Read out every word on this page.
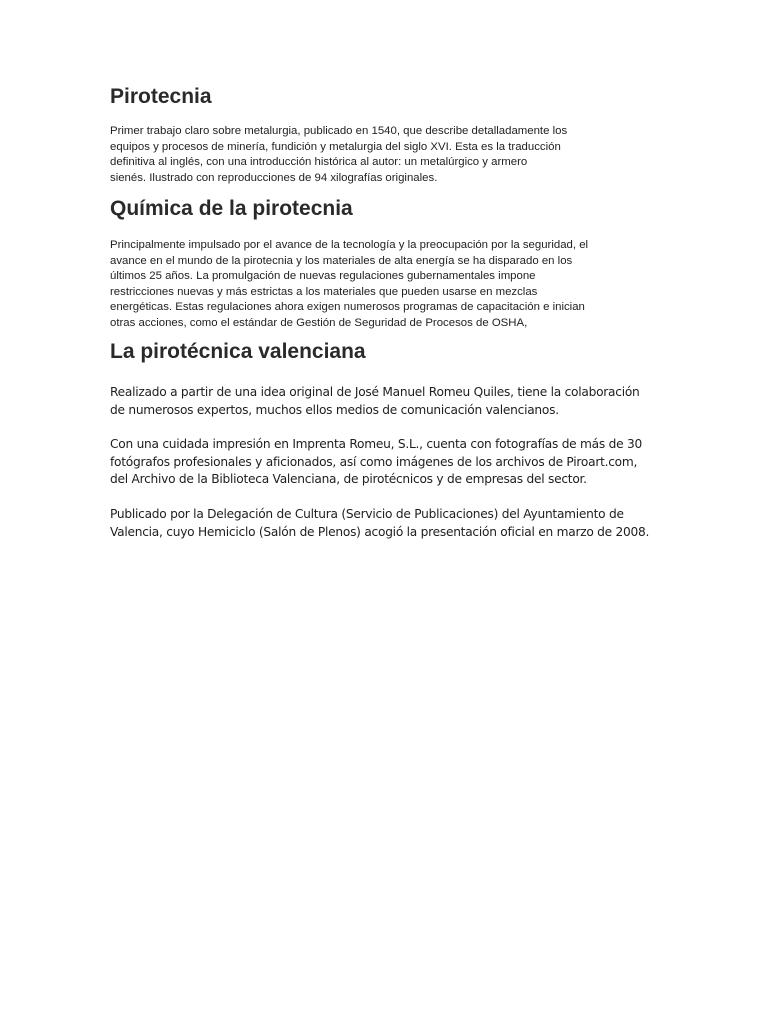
Pirotecnia

Primer trabajo claro sobre metalurgia, publicado en 1540, que describe detalladamente los
equipos y procesos de minería, fundición y metalurgia del siglo XVI. Esta es la traducción
definitiva al inglés, con una introducción histórica al autor: un metalúrgico y armero
sienés. Ilustrado con reproducciones de 94 xilografías originales.

Química de la pirotecnia

Principalmente impulsado por el avance de la tecnología y la preocupación por la seguridad, el
avance en el mundo de la pirotecnia y los materiales de alta energía se ha disparado en los
últimos 25 años. La promulgación de nuevas regulaciones gubernamentales impone
restricciones nuevas y más estrictas a los materiales que pueden usarse en mezclas
energéticas. Estas regulaciones ahora exigen numerosos programas de capacitación e inician
otras acciones, como el estándar de Gestión de Seguridad de Procesos de OSHA,

La pirotécnica valenciana

Realizado a partir de una idea original de José Manuel Romeu Quiles, tiene la colaboración
de numerosos expertos, muchos ellos medios de comunicación valencianos.

Con una cuidada impresión en Imprenta Romeu, S.L., cuenta con fotografías de más de 30
fotógrafos profesionales y aficionados, así como imágenes de los archivos de Piroart.com,
del Archivo de la Biblioteca Valenciana, de pirotécnicos y de empresas del sector.

Publicado por la Delegación de Cultura (Servicio de Publicaciones) del Ayuntamiento de
Valencia, cuyo Hemiciclo (Salón de Plenos) acogió la presentación oficial en marzo de 2008.
